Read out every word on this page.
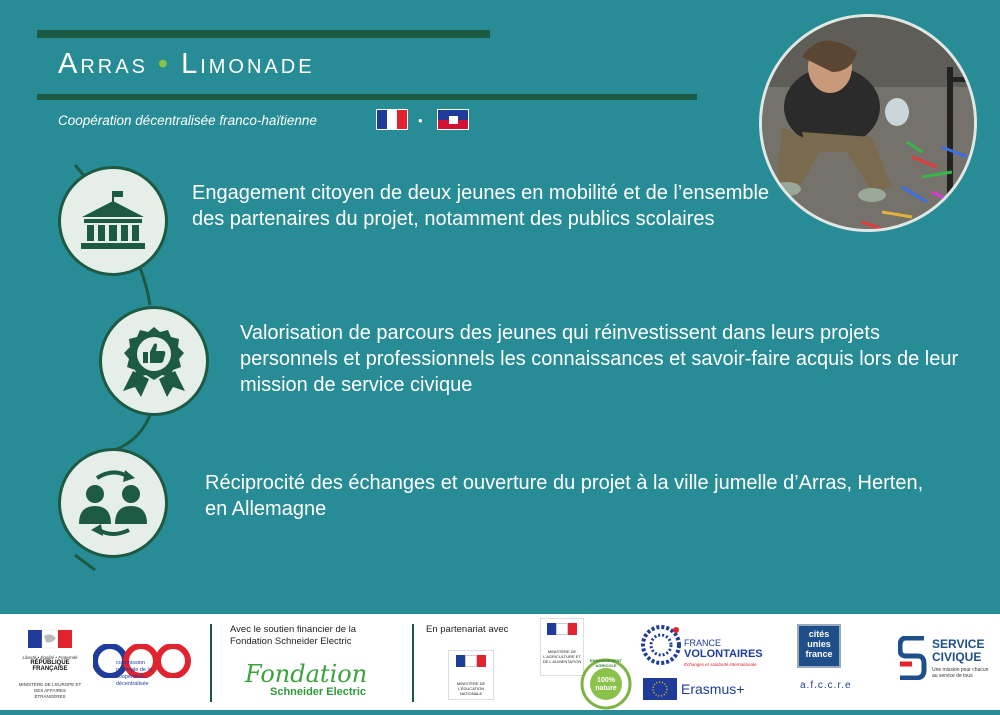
Arras • Limonade
Coopération décentralisée franco-haïtienne	•
Engagement citoyen de deux jeunes en mobilité et de l’ensemble des partenaires du projet, notamment des publics scolaires
Valorisation de parcours des jeunes qui réinvestissent dans leurs projets personnels et professionnels les connaissances et savoir-faire acquis lors de leur mission de service civique
Réciprocité des échanges et ouverture du projet à la ville jumelle d’Arras, Herten, en Allemagne
Liberté • Égalité • Fraternité
RÉPUBLIQUE FRANÇAISE
MINISTÈRE DE L'EUROPE ET DES AFFAIRES ÉTRANGÈRES
commission nationale de la coopération décentralisée
Avec le soutien financier de la Fondation Schneider Electric
Fondation
Schneider Electric
En partenariat avec
MINISTÈRE DE L'ÉDUCATION NATIONALE
MINISTÈRE DE L'AGRICULTURE ET DE L'ALIMENTATION	ENSEIGNEMENT AGRICOLE
100% nature
FRANCE
VOLONTAIRES
Échanges et solidarité internationale
Erasmus+
cités unies france
a.f.c.c.r.e
SERVICE
CIVIQUE
Une mission pour chacun au service de tous
